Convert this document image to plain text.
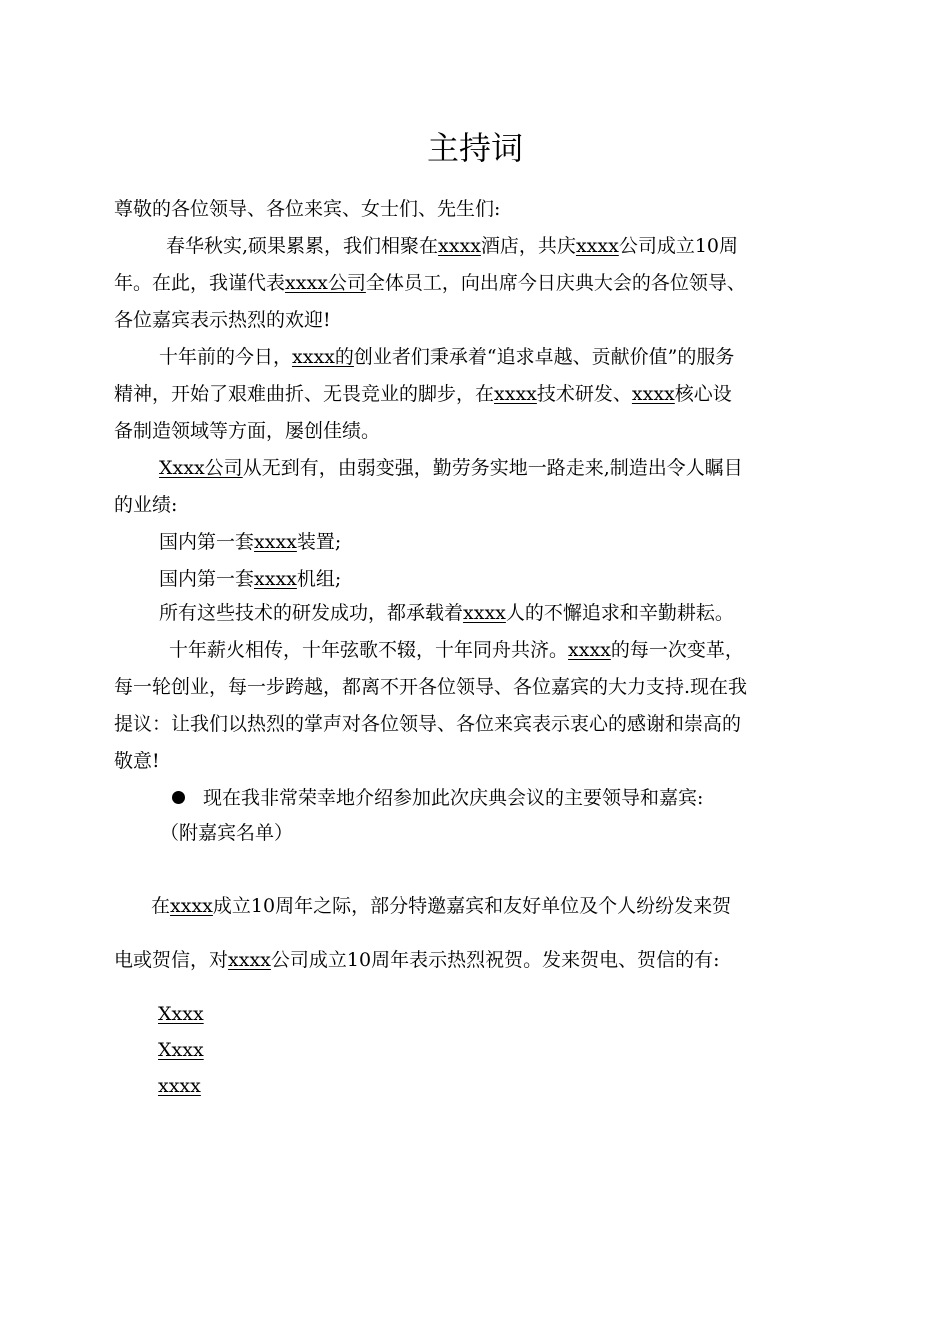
主持词
尊敬的各位领导、各位来宾、女士们、先生们:
春华秋实,硕果累累，我们相聚在xxxx酒店，共庆xxxx公司成立10周
年。在此，我谨代表xxxx公司全体员工，向出席今日庆典大会的各位领导、
各位嘉宾表示热烈的欢迎!
十年前的今日，xxxx的创业者们秉承着“追求卓越、贡献价值”的服务
精神，开始了艰难曲折、无畏竞业的脚步，在xxxx技术研发、xxxx核心设
备制造领域等方面，屡创佳绩。
Xxxx公司从无到有，由弱变强，勤劳务实地一路走来,制造出令人瞩目
的业绩:
国内第一套xxxx装置;
国内第一套xxxx机组;
所有这些技术的研发成功，都承载着xxxx人的不懈追求和辛勤耕耘。
十年薪火相传，十年弦歌不辍，十年同舟共济。xxxx的每一次变革，
每一轮创业，每一步跨越，都离不开各位领导、各位嘉宾的大力支持.现在我
提议：让我们以热烈的掌声对各位领导、各位来宾表示衷心的感谢和崇高的
敬意!
现在我非常荣幸地介绍参加此次庆典会议的主要领导和嘉宾:
（附嘉宾名单）
在xxxx成立10周年之际，部分特邀嘉宾和友好单位及个人纷纷发来贺
电或贺信，对xxxx公司成立10周年表示热烈祝贺。发来贺电、贺信的有:
Xxxx
Xxxx
xxxx
